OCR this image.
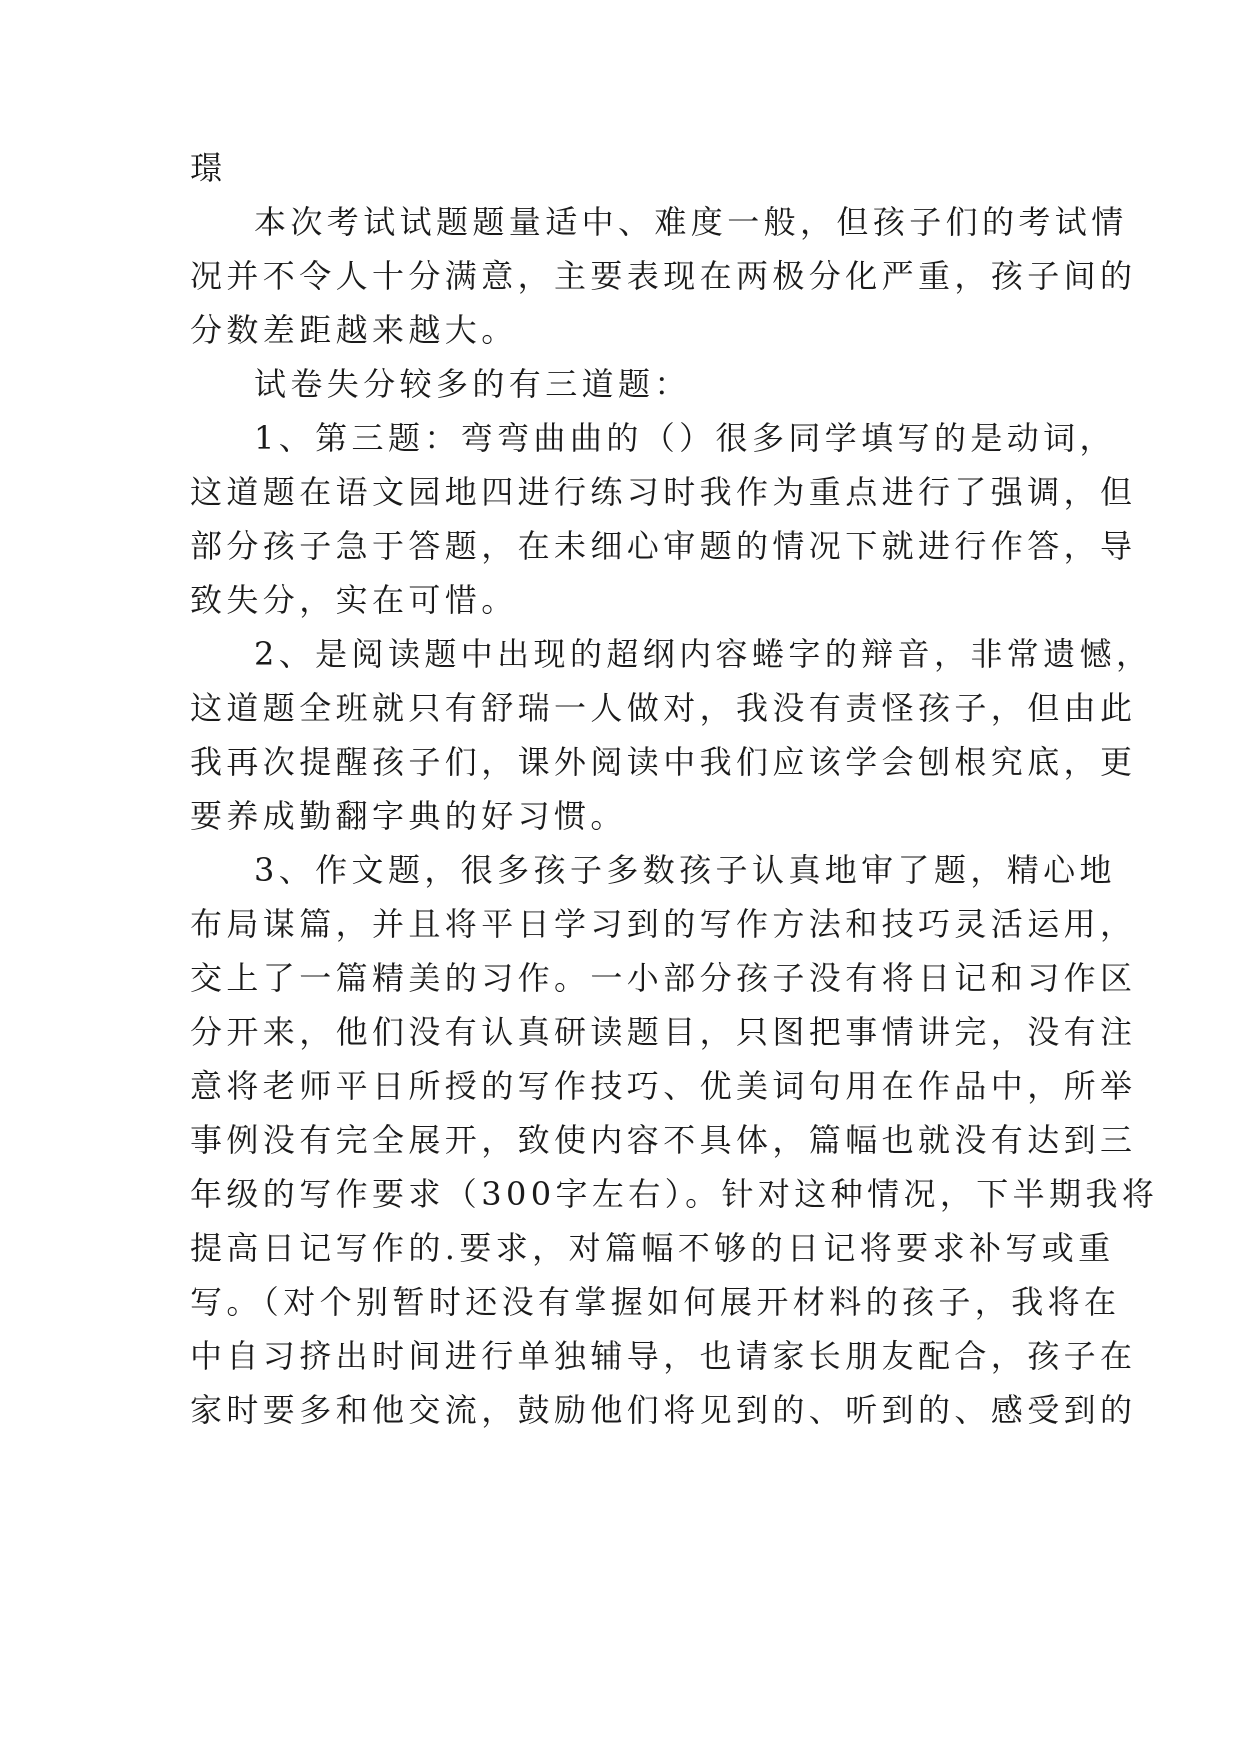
璟
本次考试试题题量适中、难度一般，但孩子们的考试情
况并不令人十分满意，主要表现在两极分化严重，孩子间的
分数差距越来越大。
试卷失分较多的有三道题：
1、第三题：弯弯曲曲的（）很多同学填写的是动词，
这道题在语文园地四进行练习时我作为重点进行了强调，但
部分孩子急于答题，在未细心审题的情况下就进行作答，导
致失分，实在可惜。
2、是阅读题中出现的超纲内容蜷字的辩音，非常遗憾，
这道题全班就只有舒瑞一人做对，我没有责怪孩子，但由此
我再次提醒孩子们，课外阅读中我们应该学会刨根究底，更
要养成勤翻字典的好习惯。
3、作文题，很多孩子多数孩子认真地审了题，精心地
布局谋篇，并且将平日学习到的写作方法和技巧灵活运用，
交上了一篇精美的习作。一小部分孩子没有将日记和习作区
分开来，他们没有认真研读题目，只图把事情讲完，没有注
意将老师平日所授的写作技巧、优美词句用在作品中，所举
事例没有完全展开，致使内容不具体，篇幅也就没有达到三
年级的写作要求（300字左右）。针对这种情况，下半期我将
提高日记写作的.要求，对篇幅不够的日记将要求补写或重
写。（对个别暂时还没有掌握如何展开材料的孩子，我将在
中自习挤出时间进行单独辅导，也请家长朋友配合，孩子在
家时要多和他交流，鼓励他们将见到的、听到的、感受到的
